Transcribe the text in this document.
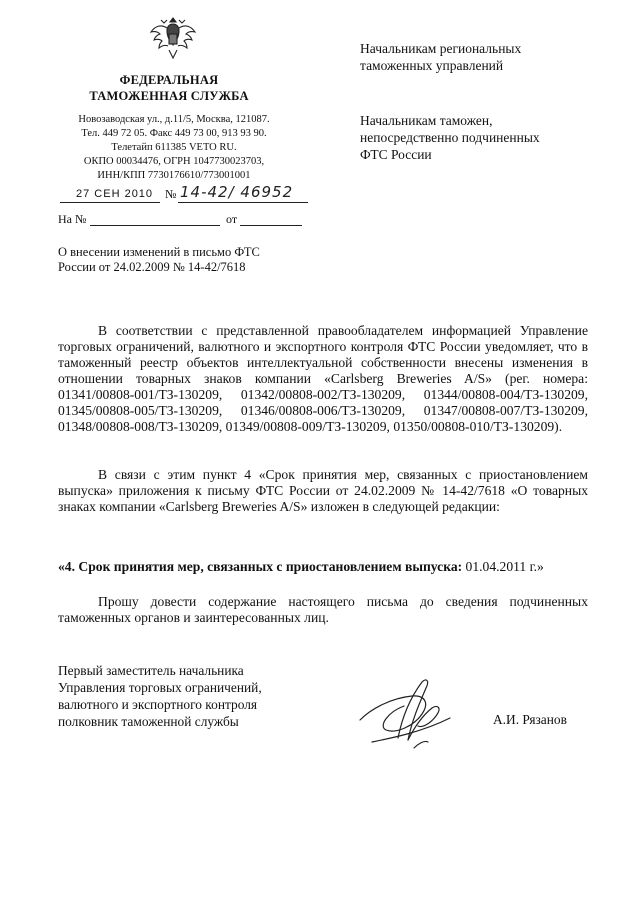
ФЕДЕРАЛЬНАЯ
ТАМОЖЕННАЯ СЛУЖБА
Новозаводская ул., д.11/5, Москва, 121087.
Тел. 449 72 05. Факс 449 73 00, 913 93 90.
Телетайп 611385 VETO RU.
ОКПО 00034476, ОГРН 1047730023703,
ИНН/КПП 7730176610/773001001
27 СЕН 2010 № 14-42/ 46952
На №	от
О внесении изменений в письмо ФТС
России от 24.02.2009 № 14-42/7618
Начальникам региональных
таможенных управлений
Начальникам таможен,
непосредственно подчиненных
ФТС России

В соответствии с представленной правообладателем информацией Управление торговых ограничений, валютного и экспортного контроля ФТС России уведомляет, что в таможенный реестр объектов интеллектуальной собственности внесены изменения в отношении товарных знаков компании «Carlsberg Breweries A/S» (рег. номера: 01341/00808-001/ТЗ-130209, 01342/00808-002/ТЗ-130209, 01344/00808-004/ТЗ-130209, 01345/00808-005/ТЗ-130209, 01346/00808-006/ТЗ-130209, 01347/00808-007/ТЗ-130209, 01348/00808-008/ТЗ-130209, 01349/00808-009/ТЗ-130209, 01350/00808-010/ТЗ-130209).

В связи с этим пункт 4 «Срок принятия мер, связанных с приостановлением выпуска» приложения к письму ФТС России от 24.02.2009 № 14-42/7618 «О товарных знаках компании «Carlsberg Breweries A/S» изложен в следующей редакции:

«4. Срок принятия мер, связанных с приостановлением выпуска: 01.04.2011 г.»

Прошу довести содержание настоящего письма до сведения подчиненных таможенных органов и заинтересованных лиц.

Первый заместитель начальника
Управления торговых ограничений,
валютного и экспортного контроля
полковник таможенной службы	А.И. Рязанов
